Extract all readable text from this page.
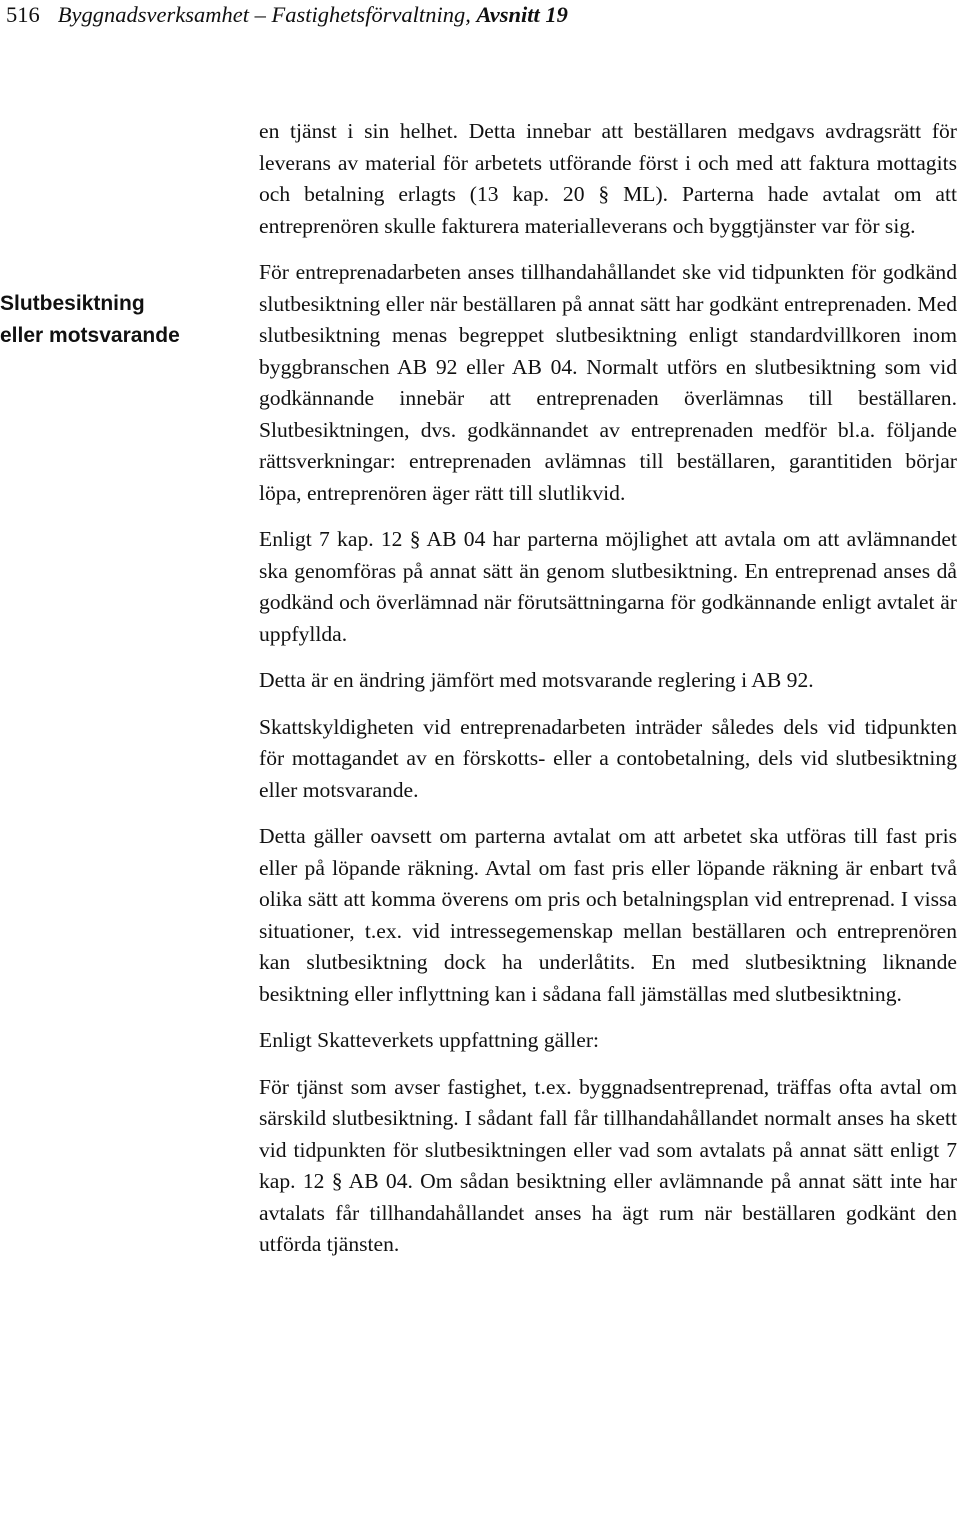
516 Byggnadsverksamhet – Fastighetsförvaltning, Avsnitt 19
Slutbesiktning
eller motsvarande

en tjänst i sin helhet. Detta innebar att beställaren medgavs avdragsrätt för leverans av material för arbetets utförande först i och med att faktura mottagits och betalning erlagts (13 kap. 20 § ML). Parterna hade avtalat om att entreprenören skulle fakturera materialleverans och byggtjänster var för sig.

För entreprenadarbeten anses tillhandahållandet ske vid tidpunkten för godkänd slutbesiktning eller när beställaren på annat sätt har godkänt entreprenaden. Med slutbesiktning menas begreppet slutbesiktning enligt standardvillkoren inom byggbranschen AB 92 eller AB 04. Normalt utförs en slutbesiktning som vid godkännande innebär att entreprenaden överlämnas till beställaren. Slutbesiktningen, dvs. godkännandet av entreprenaden medför bl.a. följande rättsverkningar: entreprenaden avlämnas till beställaren, garantitiden börjar löpa, entreprenören äger rätt till slutlikvid.

Enligt 7 kap. 12 § AB 04 har parterna möjlighet att avtala om att avlämnandet ska genomföras på annat sätt än genom slutbesiktning. En entreprenad anses då godkänd och överlämnad när förutsättningarna för godkännande enligt avtalet är uppfyllda.

Detta är en ändring jämfört med motsvarande reglering i AB 92.

Skattskyldigheten vid entreprenadarbeten inträder således dels vid tidpunkten för mottagandet av en förskotts- eller a contobetalning, dels vid slutbesiktning eller motsvarande.

Detta gäller oavsett om parterna avtalat om att arbetet ska utföras till fast pris eller på löpande räkning. Avtal om fast pris eller löpande räkning är enbart två olika sätt att komma överens om pris och betalningsplan vid entreprenad. I vissa situationer, t.ex. vid intressegemenskap mellan beställaren och entreprenören kan slutbesiktning dock ha underlåtits. En med slutbesiktning liknande besiktning eller inflyttning kan i sådana fall jämställas med slutbesiktning.

Enligt Skatteverkets uppfattning gäller:

För tjänst som avser fastighet, t.ex. byggnadsentreprenad, träffas ofta avtal om särskild slutbesiktning. I sådant fall får tillhandahållandet normalt anses ha skett vid tidpunkten för slutbesiktningen eller vad som avtalats på annat sätt enligt 7 kap. 12 § AB 04. Om sådan besiktning eller avlämnande på annat sätt inte har avtalats får tillhandahållandet anses ha ägt rum när beställaren godkänt den utförda tjänsten.
